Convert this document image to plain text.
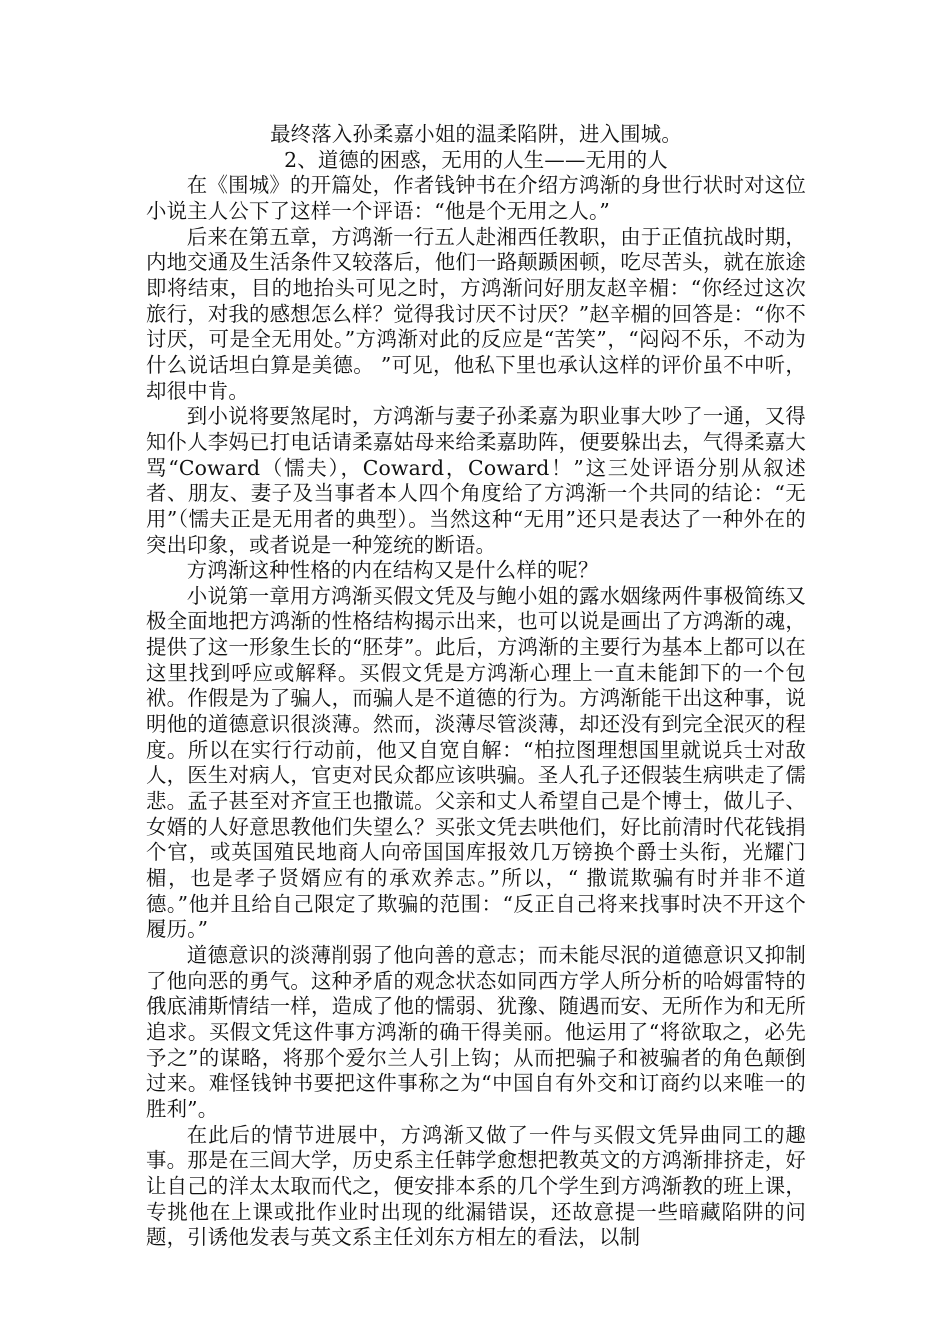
最终落入孙柔嘉小姐的温柔陷阱，进入围城。

2、道德的困惑，无用的人生——无用的人

在《围城》的开篇处，作者钱钟书在介绍方鸿渐的身世行状时对这位小说主人公下了这样一个评语：“他是个无用之人。”

后来在第五章，方鸿渐一行五人赴湘西任教职，由于正值抗战时期，内地交通及生活条件又较落后，他们一路颠踬困顿，吃尽苦头，就在旅途即将结束，目的地抬头可见之时，方鸿渐问好朋友赵辛楣：“你经过这次旅行，对我的感想怎么样？觉得我讨厌不讨厌？”赵辛楣的回答是：“你不讨厌，可是全无用处。”方鸿渐对此的反应是“苦笑”，“闷闷不乐，不动为什么说话坦白算是美德。 ”可见，他私下里也承认这样的评价虽不中听，却很中肯。

到小说将要煞尾时，方鸿渐与妻子孙柔嘉为职业事大吵了一通，又得知仆人李妈已打电话请柔嘉姑母来给柔嘉助阵，便要躲出去，气得柔嘉大骂“Coward（懦夫），Coward，Coward！”这三处评语分别从叙述者、朋友、妻子及当事者本人四个角度给了方鸿渐一个共同的结论：“无用”（懦夫正是无用者的典型）。当然这种“无用”还只是表达了一种外在的突出印象，或者说是一种笼统的断语。

方鸿渐这种性格的内在结构又是什么样的呢？

小说第一章用方鸿渐买假文凭及与鲍小姐的露水姻缘两件事极简练又极全面地把方鸿渐的性格结构揭示出来，也可以说是画出了方鸿渐的魂，提供了这一形象生长的“胚芽”。此后，方鸿渐的主要行为基本上都可以在这里找到呼应或解释。买假文凭是方鸿渐心理上一直未能卸下的一个包袱。作假是为了骗人，而骗人是不道德的行为。方鸿渐能干出这种事，说明他的道德意识很淡薄。然而，淡薄尽管淡薄，却还没有到完全泯灭的程度。所以在实行行动前，他又自宽自解：“柏拉图理想国里就说兵士对敌人，医生对病人，官吏对民众都应该哄骗。圣人孔子还假装生病哄走了儒悲。孟子甚至对齐宣王也撒谎。父亲和丈人希望自己是个博士，做儿子、女婿的人好意思教他们失望么？买张文凭去哄他们，好比前清时代花钱捐个官，或英国殖民地商人向帝国国库报效几万镑换个爵士头衔，光耀门楣，也是孝子贤婿应有的承欢养志。”所以，“ 撒谎欺骗有时并非不道德。”他并且给自己限定了欺骗的范围：“反正自己将来找事时决不开这个履历。”

道德意识的淡薄削弱了他向善的意志；而未能尽泯的道德意识又抑制了他向恶的勇气。这种矛盾的观念状态如同西方学人所分析的哈姆雷特的俄底浦斯情结一样，造成了他的懦弱、犹豫、随遇而安、无所作为和无所追求。买假文凭这件事方鸿渐的确干得美丽。他运用了“将欲取之，必先予之”的谋略，将那个爱尔兰人引上钩；从而把骗子和被骗者的角色颠倒过来。难怪钱钟书要把这件事称之为“中国自有外交和订商约以来唯一的胜利”。

在此后的情节进展中，方鸿渐又做了一件与买假文凭异曲同工的趣事。那是在三闾大学，历史系主任韩学愈想把教英文的方鸿渐排挤走，好让自己的洋太太取而代之，便安排本系的几个学生到方鸿渐教的班上课，专挑他在上课或批作业时出现的纰漏错误，还故意提一些暗藏陷阱的问题，引诱他发表与英文系主任刘东方相左的看法，以制
